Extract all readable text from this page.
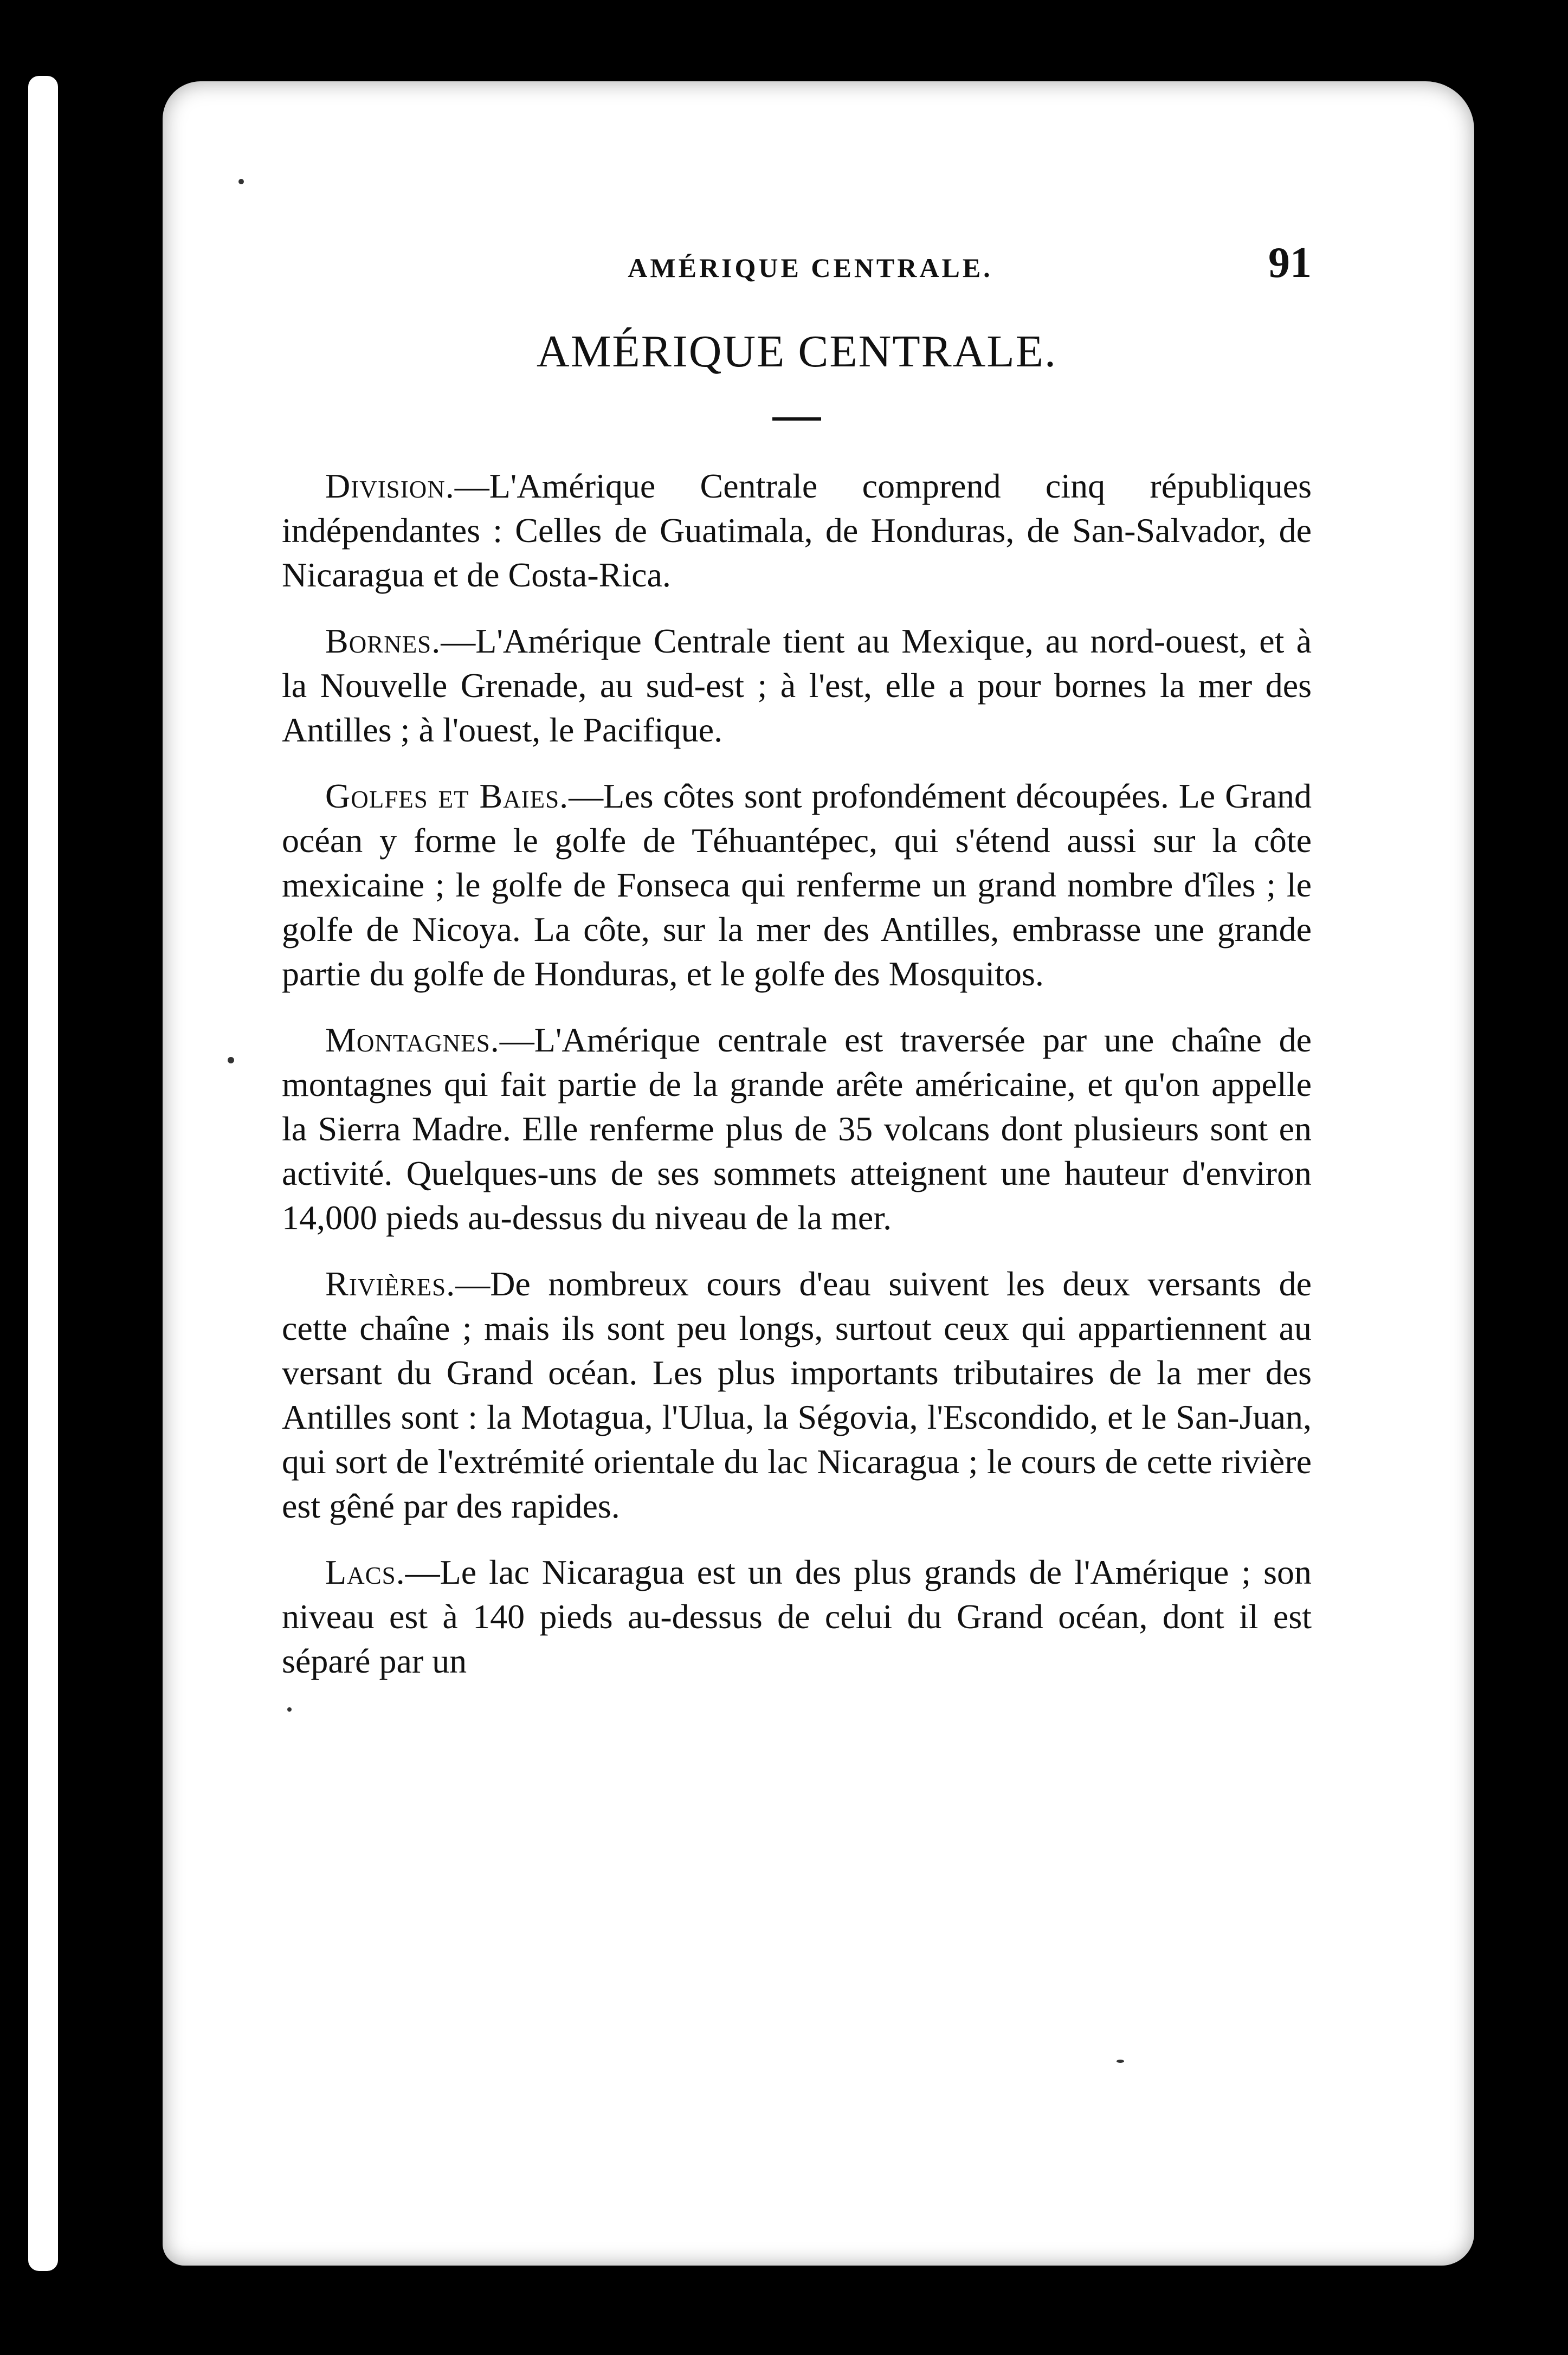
AMÉRIQUE CENTRALE.	91
AMÉRIQUE CENTRALE.

Division.—L'Amérique Centrale comprend cinq républiques indépendantes : Celles de Guatimala, de Honduras, de San-Salvador, de Nicaragua et de Costa-Rica.

Bornes.—L'Amérique Centrale tient au Mexique, au nord-ouest, et à la Nouvelle Grenade, au sud-est ; à l'est, elle a pour bornes la mer des Antilles ; à l'ouest, le Pacifique.

Golfes et Baies.—Les côtes sont profondément découpées. Le Grand océan y forme le golfe de Téhuantépec, qui s'étend aussi sur la côte mexicaine ; le golfe de Fonseca qui renferme un grand nombre d'îles ; le golfe de Nicoya. La côte, sur la mer des Antilles, embrasse une grande partie du golfe de Honduras, et le golfe des Mosquitos.

Montagnes.—L'Amérique centrale est traversée par une chaîne de montagnes qui fait partie de la grande arête américaine, et qu'on appelle la Sierra Madre. Elle renferme plus de 35 volcans dont plusieurs sont en activité. Quelques-uns de ses sommets atteignent une hauteur d'environ 14,000 pieds au-dessus du niveau de la mer.

Rivières.—De nombreux cours d'eau suivent les deux versants de cette chaîne ; mais ils sont peu longs, surtout ceux qui appartiennent au versant du Grand océan. Les plus importants tributaires de la mer des Antilles sont : la Motagua, l'Ulua, la Ségovia, l'Escondido, et le San-Juan, qui sort de l'extrémité orientale du lac Nicaragua ; le cours de cette rivière est gêné par des rapides.

Lacs.—Le lac Nicaragua est un des plus grands de l'Amérique ; son niveau est à 140 pieds au-dessus de celui du Grand océan, dont il est séparé par un
